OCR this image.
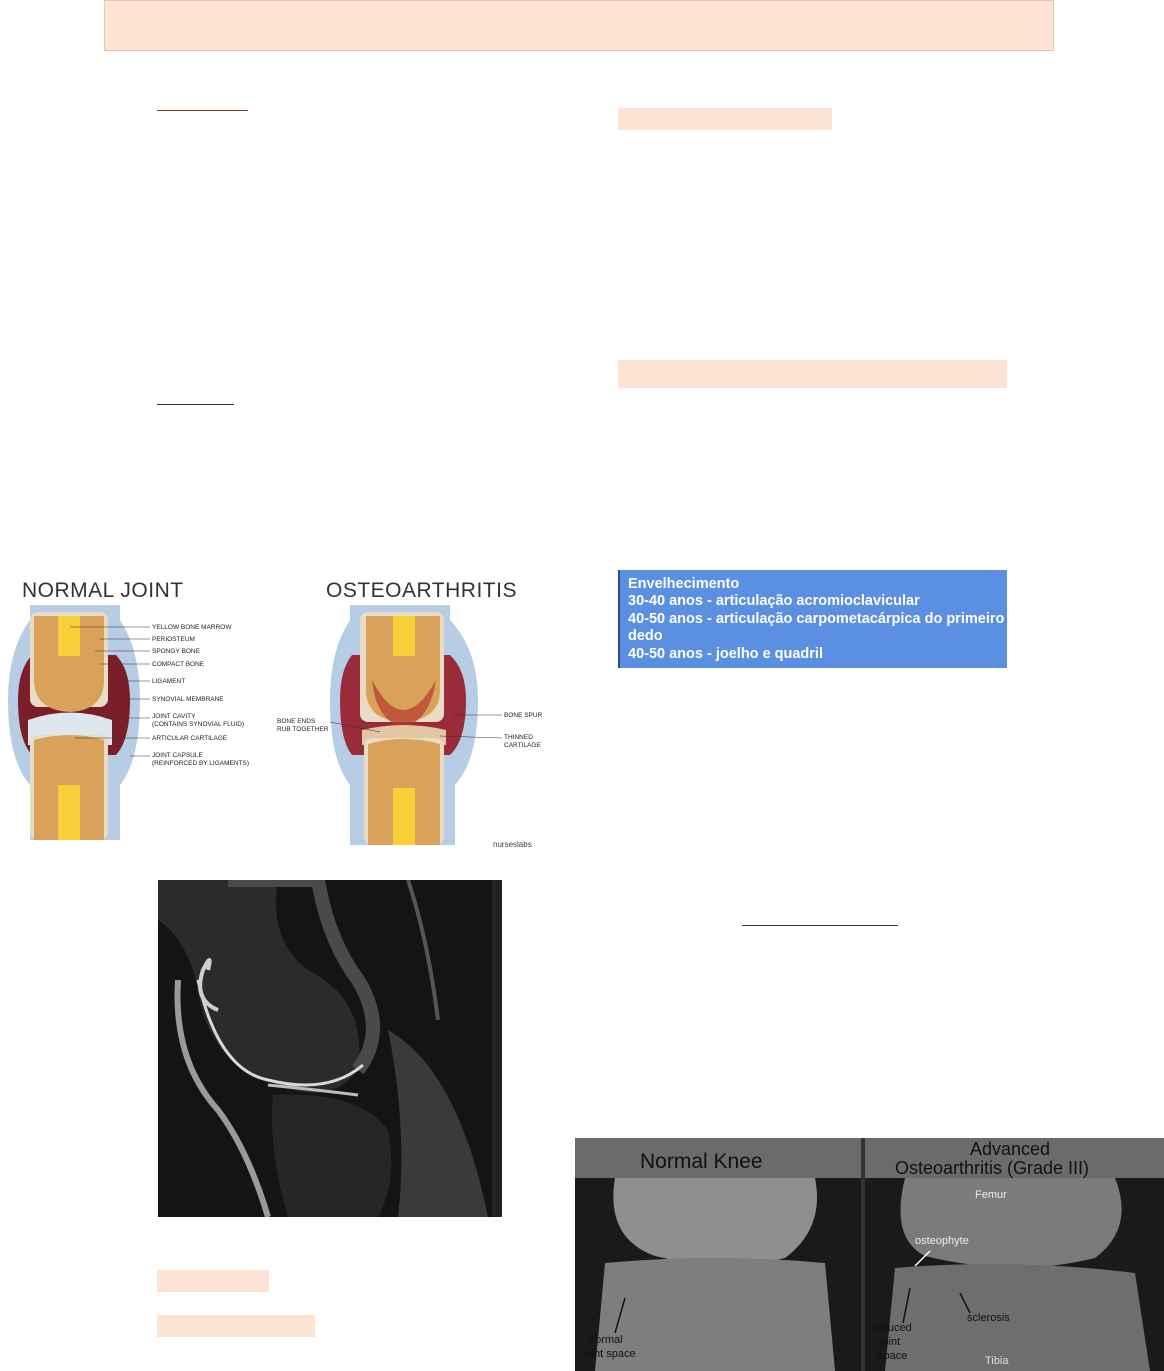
Envelhecimento
30-40 anos - articulação acromioclavicular
40-50 anos - articulação carpometacárpica do primeiro
dedo
40-50 anos - joelho e quadril
NORMAL JOINT	OSTEOARTHRITIS
YELLOW BONE MARROW
PERIOSTEUM
SPONGY BONE
COMPACT BONE
LIGAMENT
SYNOVIAL MEMBRANE
JOINT CAVITY
(CONTAINS SYNOVIAL FLUID)
ARTICULAR CARTILAGE
JOINT CAPSULE
(REINFORCED BY LIGAMENTS)
BONE ENDS
RUB TOGETHER
BONE SPUR
THINNED
CARTILAGE
nurseslabs
Normal Knee
Advanced
Osteoarthritis (Grade III)
Femur
osteophyte
sclerosis
Tibia
normal
joint space
reduced
joint
space
